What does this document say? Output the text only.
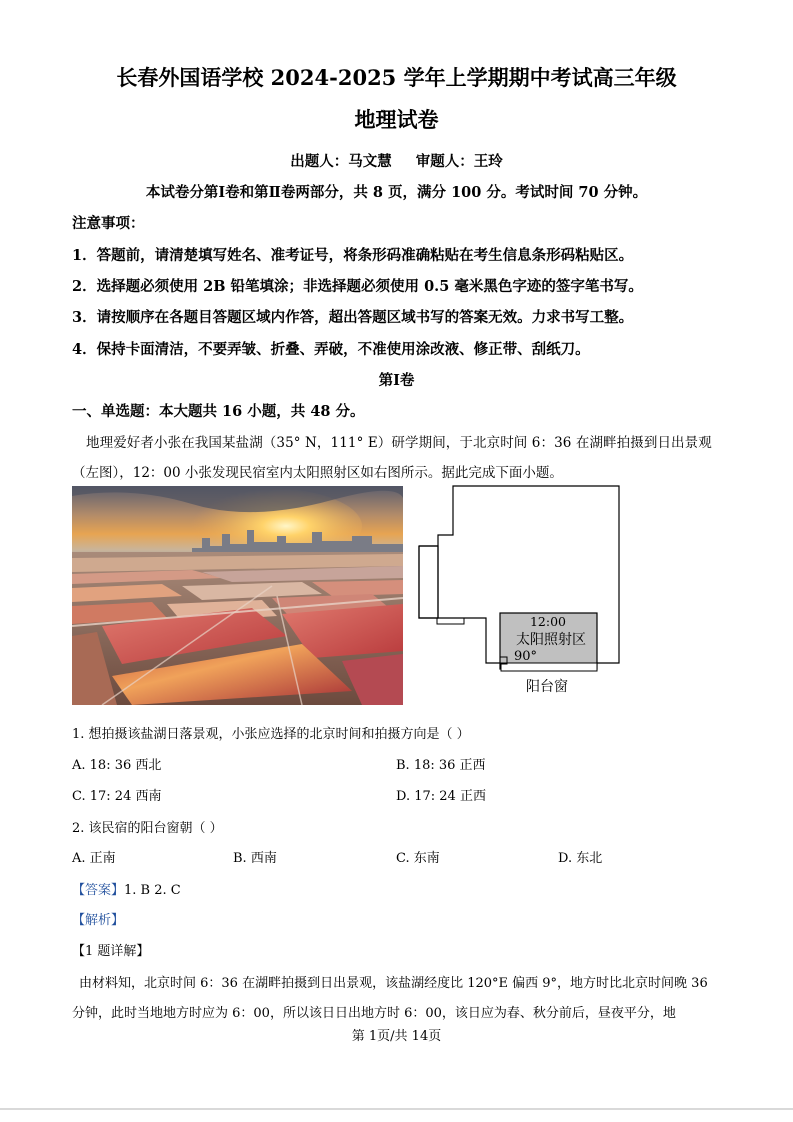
长春外国语学校 2024-2025 学年上学期期中考试高三年级
地理试卷
出题人：马文慧 审题人：王玲
本试卷分第Ⅰ卷和第Ⅱ卷两部分，共 8 页，满分 100 分。考试时间 70 分钟。
注意事项：
1．答题前，请清楚填写姓名、准考证号，将条形码准确粘贴在考生信息条形码粘贴区。
2．选择题必须使用 2B 铅笔填涂；非选择题必须使用 0.5 毫米黑色字迹的签字笔书写。
3．请按顺序在各题目答题区域内作答，超出答题区域书写的答案无效。力求书写工整。
4．保持卡面清洁，不要弄皱、折叠、弄破，不准使用涂改液、修正带、刮纸刀。
第Ⅰ卷
一、单选题：本大题共 16 小题，共 48 分。
地理爱好者小张在我国某盐湖（35° N，111° E）研学期间，于北京时间 6：36 在湖畔拍摄到日出景观
（左图），12：00 小张发现民宿室内太阳照射区如右图所示。据此完成下面小题。
12:00
太阳照射区
90°
阳台窗
1. 想拍摄该盐湖日落景观，小张应选择的北京时间和拍摄方向是（ ）
A. 18: 36 西北	B. 18: 36 正西
C. 17: 24 西南	D. 17: 24 正西
2. 该民宿的阳台窗朝（ ）
A. 正南	B. 西南	C. 东南	D. 东北
【答案】1. B 2. C
【解析】
【1 题详解】
由材料知，北京时间 6：36 在湖畔拍摄到日出景观，该盐湖经度比 120°E 偏西 9°，地方时比北京时间晚 36
分钟，此时当地地方时应为 6：00，所以该日日出地方时 6：00，该日应为春、秋分前后，昼夜平分，地
第 1页/共 14页
